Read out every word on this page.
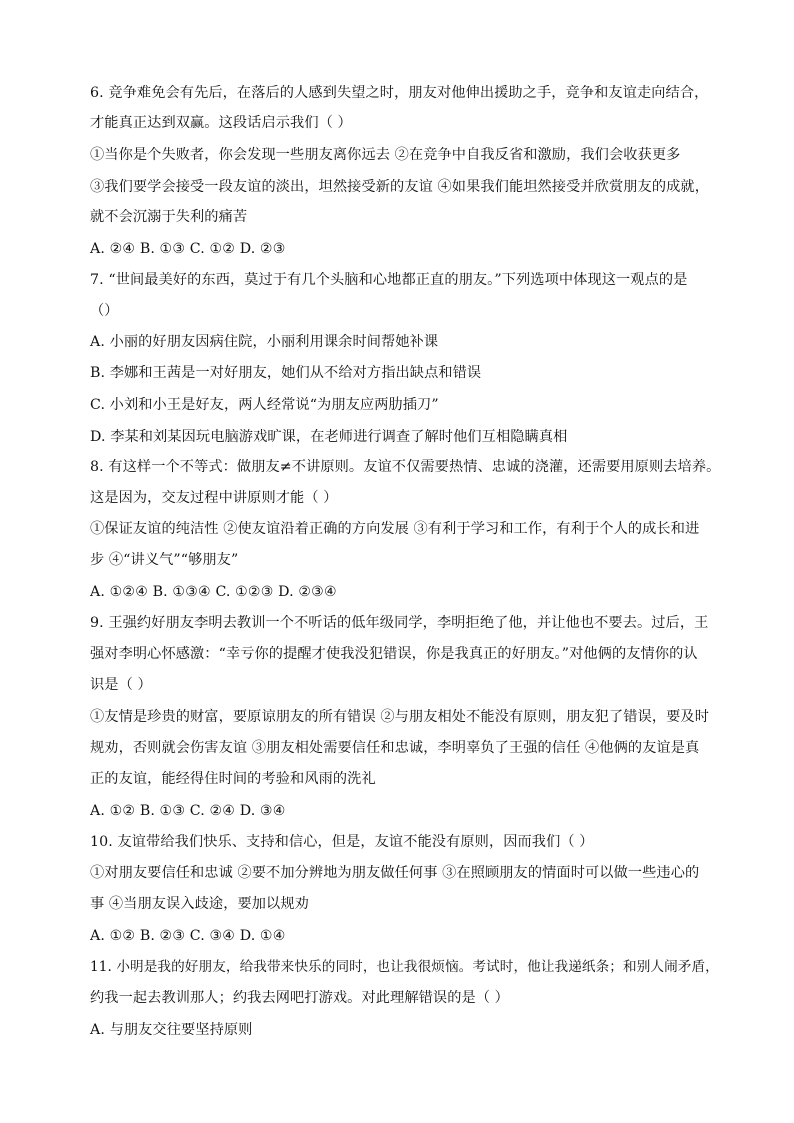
6. 竞争难免会有先后，在落后的人感到失望之时，朋友对他伸出援助之手，竞争和友谊走向结合，
才能真正达到双赢。这段话启示我们（ ）
①当你是个失败者，你会发现一些朋友离你远去 ②在竞争中自我反省和激励，我们会收获更多
③我们要学会接受一段友谊的淡出，坦然接受新的友谊 ④如果我们能坦然接受并欣赏朋友的成就，
就不会沉溺于失利的痛苦
A. ②④ B. ①③ C. ①② D. ②③
7. “世间最美好的东西，莫过于有几个头脑和心地都正直的朋友。”下列选项中体现这一观点的是
（）
A. 小丽的好朋友因病住院，小丽利用课余时间帮她补课
B. 李娜和王茜是一对好朋友，她们从不给对方指出缺点和错误
C. 小刘和小王是好友，两人经常说“为朋友应两肋插刀”
D. 李某和刘某因玩电脑游戏旷课，在老师进行调查了解时他们互相隐瞒真相
8. 有这样一个不等式：做朋友≠不讲原则。友谊不仅需要热情、忠诚的浇灌，还需要用原则去培养。
这是因为，交友过程中讲原则才能（ ）
①保证友谊的纯洁性 ②使友谊沿着正确的方向发展 ③有利于学习和工作，有利于个人的成长和进
步 ④“讲义气”“够朋友”
A. ①②④ B. ①③④ C. ①②③ D. ②③④
9. 王强约好朋友李明去教训一个不听话的低年级同学，李明拒绝了他，并让他也不要去。过后，王
强对李明心怀感激：“幸亏你的提醒才使我没犯错误，你是我真正的好朋友。”对他俩的友情你的认
识是（ ）
①友情是珍贵的财富，要原谅朋友的所有错误 ②与朋友相处不能没有原则，朋友犯了错误，要及时
规劝，否则就会伤害友谊 ③朋友相处需要信任和忠诚，李明辜负了王强的信任 ④他俩的友谊是真
正的友谊，能经得住时间的考验和风雨的洗礼
A. ①② B. ①③ C. ②④ D. ③④
10. 友谊带给我们快乐、支持和信心，但是，友谊不能没有原则，因而我们（ ）
①对朋友要信任和忠诚 ②要不加分辨地为朋友做任何事 ③在照顾朋友的情面时可以做一些违心的
事 ④当朋友误入歧途，要加以规劝
A. ①② B. ②③ C. ③④ D. ①④
11. 小明是我的好朋友，给我带来快乐的同时，也让我很烦恼。考试时，他让我递纸条；和别人闹矛盾，
约我一起去教训那人；约我去网吧打游戏。对此理解错误的是（ ）
A. 与朋友交往要坚持原则
